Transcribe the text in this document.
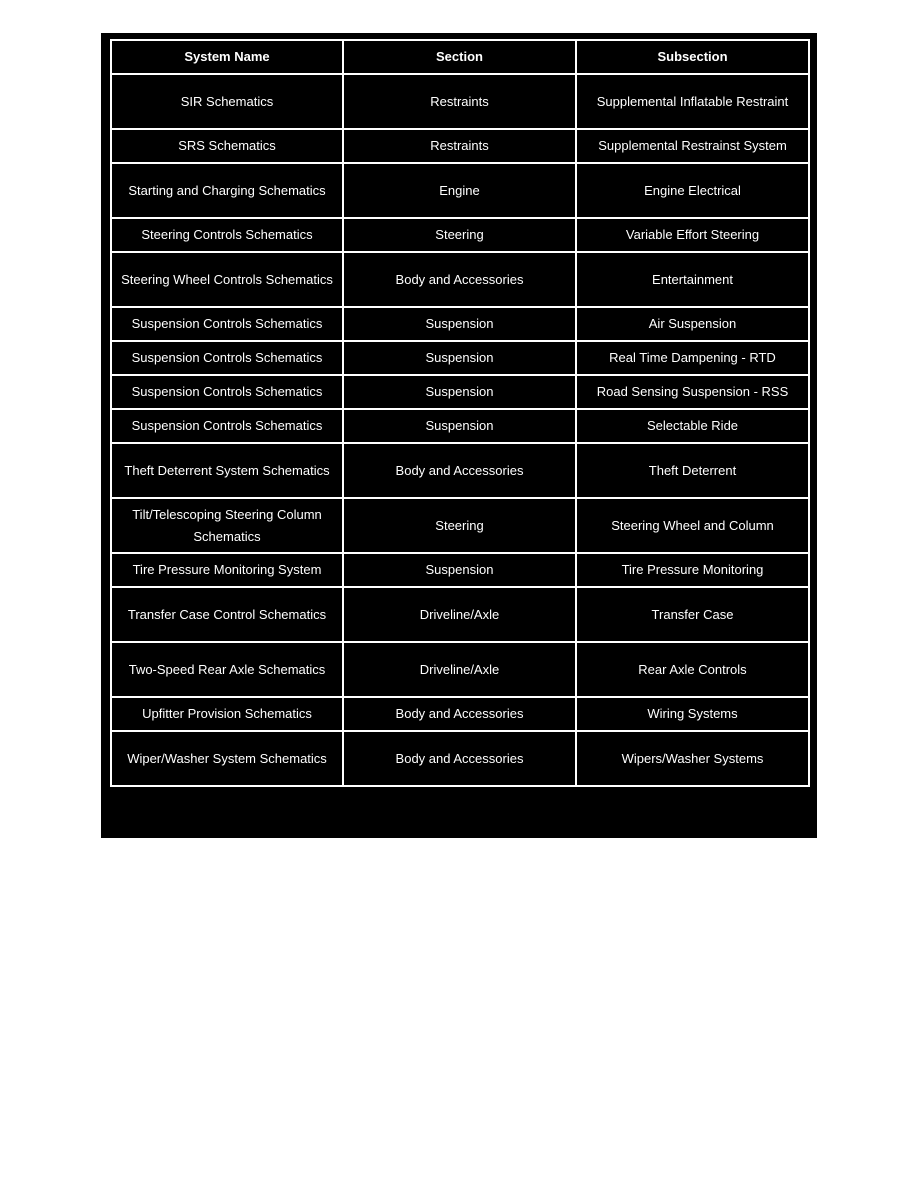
System Name	Section	Subsection
SIR Schematics	Restraints	Supplemental Inflatable Restraint
SRS Schematics	Restraints	Supplemental Restrainst System
Starting and Charging Schematics	Engine	Engine Electrical
Steering Controls Schematics	Steering	Variable Effort Steering
Steering Wheel Controls Schematics	Body and Accessories	Entertainment
Suspension Controls Schematics	Suspension	Air Suspension
Suspension Controls Schematics	Suspension	Real Time Dampening - RTD
Suspension Controls Schematics	Suspension	Road Sensing Suspension - RSS
Suspension Controls Schematics	Suspension	Selectable Ride
Theft Deterrent System Schematics	Body and Accessories	Theft Deterrent
Tilt/Telescoping Steering Column Schematics	Steering	Steering Wheel and Column
Tire Pressure Monitoring System	Suspension	Tire Pressure Monitoring
Transfer Case Control Schematics	Driveline/Axle	Transfer Case
Two-Speed Rear Axle Schematics	Driveline/Axle	Rear Axle Controls
Upfitter Provision Schematics	Body and Accessories	Wiring Systems
Wiper/Washer System Schematics	Body and Accessories	Wipers/Washer Systems
